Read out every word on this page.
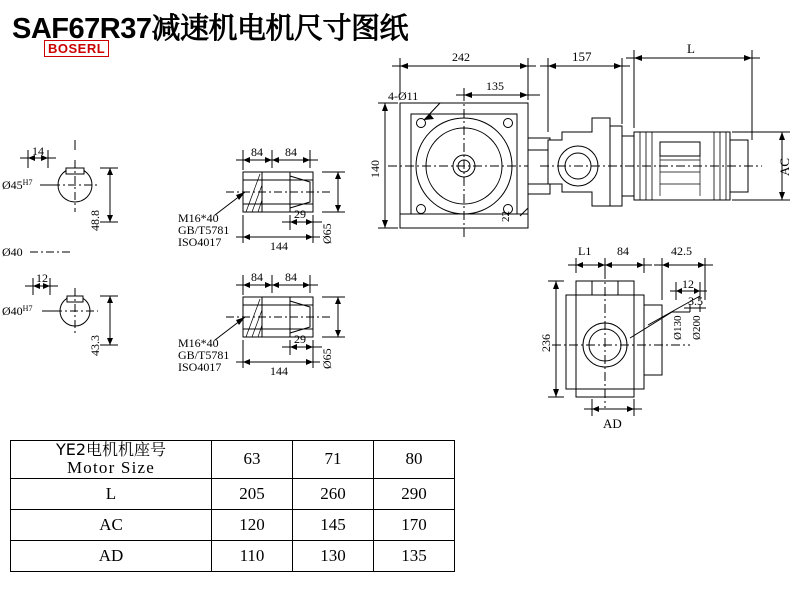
SAF67R37减速机电机尺寸图纸
BOSERL
14
$Ø45^{H7}$
48.8
Ø40
12
$Ø40^{H7}$
43.3
84 84
29
144
Ø65
M16*40
GB/T5781
ISO4017
84 84
29
144
Ø65
M16*40
GB/T5781
ISO4017
242
135
4-Ø11
140
22
157
L
AC
L1 84	42.5
12
3.5
236
Ø130 Ø200
AD
YE2电机机座号
Motor Size	63	71	80
L	205	260	290
AC	120	145	170
AD	110	130	135
